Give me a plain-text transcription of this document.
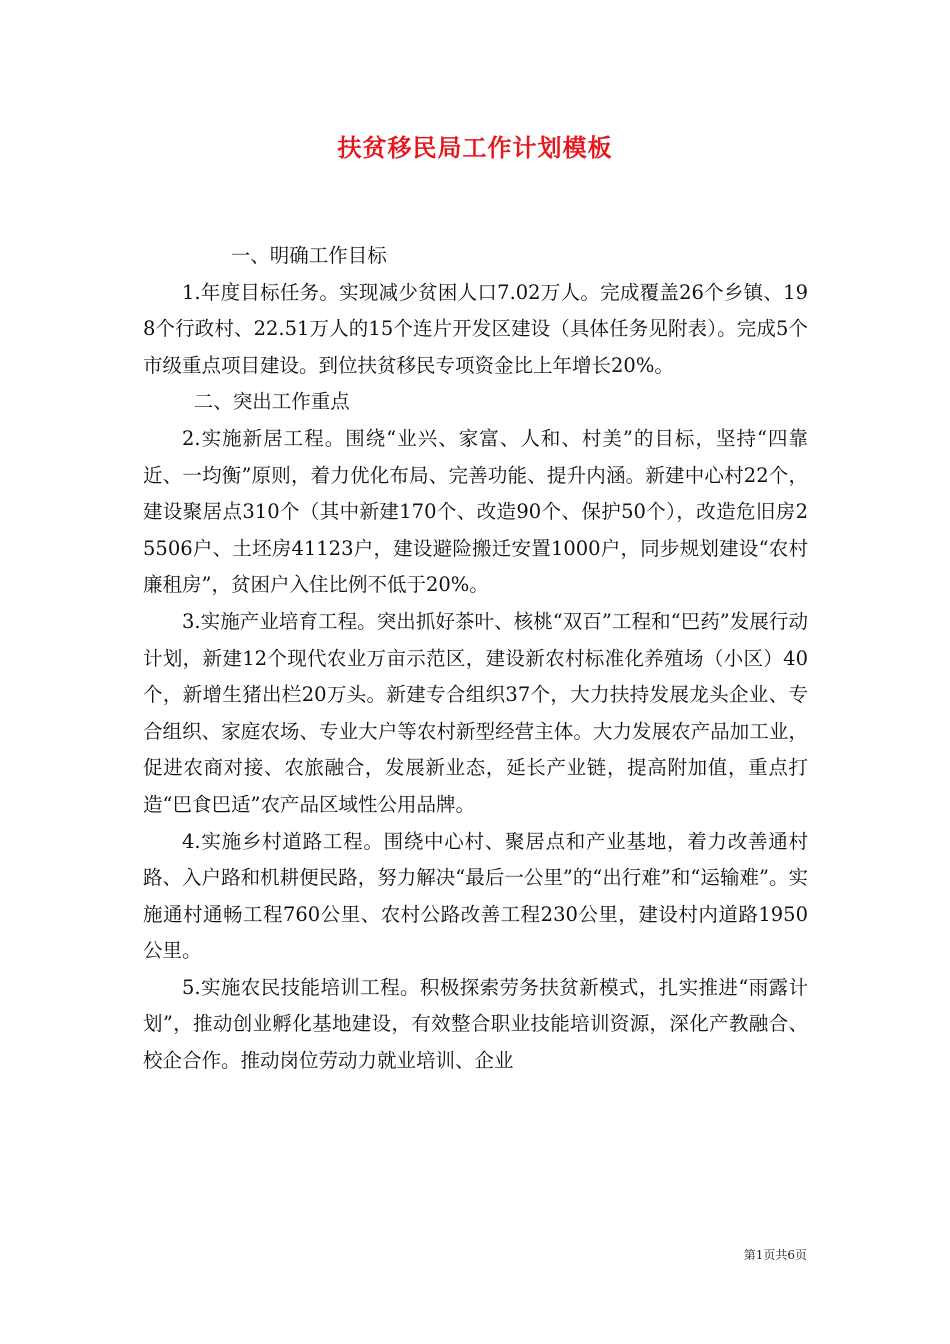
扶贫移民局工作计划模板

一、明确工作目标

1.年度目标任务。实现减少贫困人口7.02万人。完成覆盖26个乡镇、198个行政村、22.51万人的15个连片开发区建设（具体任务见附表）。完成5个市级重点项目建设。到位扶贫移民专项资金比上年增长20%。

二、突出工作重点

2.实施新居工程。围绕“业兴、家富、人和、村美”的目标，坚持“四靠近、一均衡”原则，着力优化布局、完善功能、提升内涵。新建中心村22个，建设聚居点310个（其中新建170个、改造90个、保护50个），改造危旧房25506户、土坯房41123户，建设避险搬迁安置1000户，同步规划建设“农村廉租房”，贫困户入住比例不低于20%。

3.实施产业培育工程。突出抓好茶叶、核桃“双百”工程和“巴药”发展行动计划，新建12个现代农业万亩示范区，建设新农村标准化养殖场（小区）40个，新增生猪出栏20万头。新建专合组织37个，大力扶持发展龙头企业、专合组织、家庭农场、专业大户等农村新型经营主体。大力发展农产品加工业，促进农商对接、农旅融合，发展新业态，延长产业链，提高附加值，重点打造“巴食巴适”农产品区域性公用品牌。

4.实施乡村道路工程。围绕中心村、聚居点和产业基地，着力改善通村路、入户路和机耕便民路，努力解决“最后一公里”的“出行难”和“运输难”。实施通村通畅工程760公里、农村公路改善工程230公里，建设村内道路1950公里。

5.实施农民技能培训工程。积极探索劳务扶贫新模式，扎实推进“雨露计划”，推动创业孵化基地建设，有效整合职业技能培训资源，深化产教融合、校企合作。推动岗位劳动力就业培训、企业

第1页共6页
